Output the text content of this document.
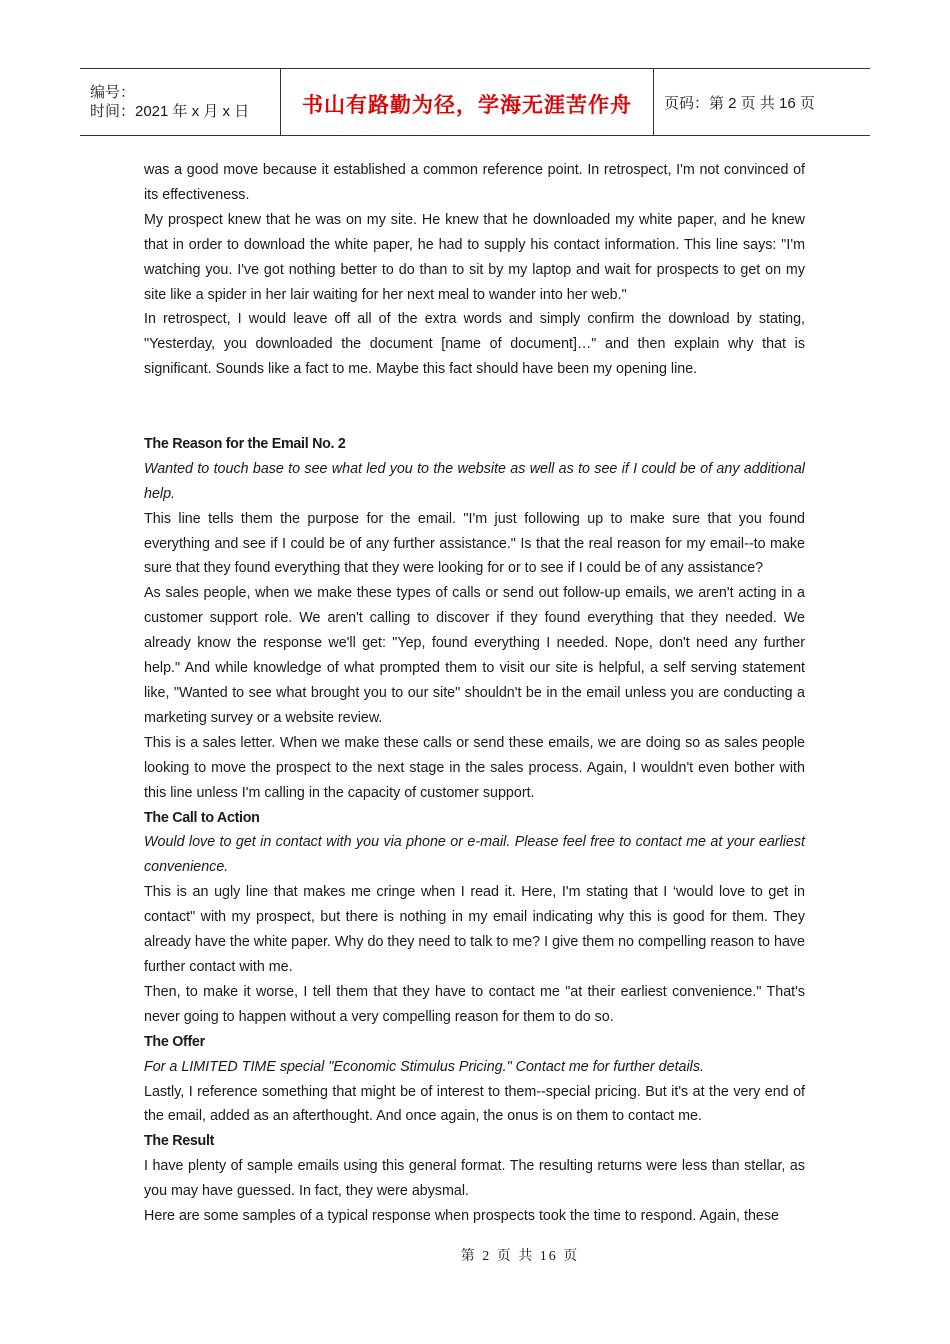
编号：
时间：2021 年 x 月 x 日	书山有路勤为径，学海无涯苦作舟 页码：第 2 页 共 16 页

was a good move because it established a common reference point. In retrospect, I'm not convinced of its effectiveness.

My prospect knew that he was on my site. He knew that he downloaded my white paper, and he knew that in order to download the white paper, he had to supply his contact information. This line says: "I'm watching you. I've got nothing better to do than to sit by my laptop and wait for prospects to get on my site like a spider in her lair waiting for her next meal to wander into her web."

In retrospect, I would leave off all of the extra words and simply confirm the download by stating, "Yesterday, you downloaded the document [name of document]…" and then explain why that is significant. Sounds like a fact to me. Maybe this fact should have been my opening line.

The Reason for the Email No. 2

Wanted to touch base to see what led you to the website as well as to see if I could be of any additional help.

This line tells them the purpose for the email. "I'm just following up to make sure that you found everything and see if I could be of any further assistance." Is that the real reason for my email--to make sure that they found everything that they were looking for or to see if I could be of any assistance?

As sales people, when we make these types of calls or send out follow-up emails, we aren't acting in a customer support role. We aren't calling to discover if they found everything that they needed. We already know the response we'll get: "Yep, found everything I needed. Nope, don't need any further help." And while knowledge of what prompted them to visit our site is helpful, a self serving statement like, "Wanted to see what brought you to our site" shouldn't be in the email unless you are conducting a marketing survey or a website review.

This is a sales letter. When we make these calls or send these emails, we are doing so as sales people looking to move the prospect to the next stage in the sales process. Again, I wouldn't even bother with this line unless I'm calling in the capacity of customer support.

The Call to Action

Would love to get in contact with you via phone or e-mail. Please feel free to contact me at your earliest convenience.

This is an ugly line that makes me cringe when I read it. Here, I'm stating that I ‘would love to get in contact" with my prospect, but there is nothing in my email indicating why this is good for them. They already have the white paper. Why do they need to talk to me? I give them no compelling reason to have further contact with me.

Then, to make it worse, I tell them that they have to contact me "at their earliest convenience." That's never going to happen without a very compelling reason for them to do so.

The Offer

For a LIMITED TIME special "Economic Stimulus Pricing." Contact me for further details.

Lastly, I reference something that might be of interest to them--special pricing. But it's at the very end of the email, added as an afterthought. And once again, the onus is on them to contact me.

The Result

I have plenty of sample emails using this general format. The resulting returns were less than stellar, as you may have guessed. In fact, they were abysmal.

Here are some samples of a typical response when prospects took the time to respond. Again, these

第 2 页 共 16 页
